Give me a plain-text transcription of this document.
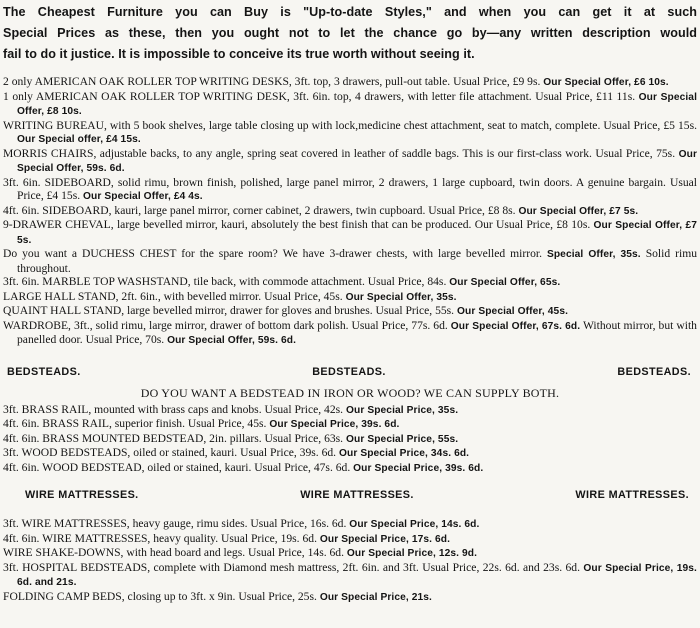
The Cheapest Furniture you can Buy is "Up-to-date Styles," and when you can get it at such
Special Prices as these, then you ought not to let the chance go by—any written description would
fail to do it justice. It is impossible to conceive its true worth without seeing it.

2 only AMERICAN OAK ROLLER TOP WRITING DESKS, 3ft. top, 3 drawers, pull-out table. Usual Price, £9 9s. Our Special Offer, £6 10s.

1 only AMERICAN OAK ROLLER TOP WRITING DESK, 3ft. 6in. top, 4 drawers, with letter file attachment. Usual Price, £11 11s. Our Special Offer, £8 10s.

WRITING BUREAU, with 5 book shelves, large table closing up with lock,medicine chest attachment, seat to match, complete. Usual Price, £5 15s. Our Special offer, £4 15s.

MORRIS CHAIRS, adjustable backs, to any angle, spring seat covered in leather of saddle bags. This is our first-class work. Usual Price, 75s. Our Special Offer, 59s. 6d.

3ft. 6in. SIDEBOARD, solid rimu, brown finish, polished, large panel mirror, 2 drawers, 1 large cupboard, twin doors. A genuine bargain. Usual Price, £4 15s. Our Special Offer, £4 4s.

4ft. 6in. SIDEBOARD, kauri, large panel mirror, corner cabinet, 2 drawers, twin cupboard. Usual Price, £8 8s. Our Special Offer, £7 5s.

9-DRAWER CHEVAL, large bevelled mirror, kauri, absolutely the best finish that can be produced. Our Usual Price, £8 10s. Our Special Offer, £7 5s.

Do you want a DUCHESS CHEST for the spare room? We have 3-drawer chests, with large bevelled mirror. Special Offer, 35s. Solid rimu throughout.

3ft. 6in. MARBLE TOP WASHSTAND, tile back, with commode attachment. Usual Price, 84s. Our Special Offer, 65s.

LARGE HALL STAND, 2ft. 6in., with bevelled mirror. Usual Price, 45s. Our Special Offer, 35s.

QUAINT HALL STAND, large bevelled mirror, drawer for gloves and brushes. Usual Price, 55s. Our Special Offer, 45s.

WARDROBE, 3ft., solid rimu, large mirror, drawer of bottom dark polish. Usual Price, 77s. 6d. Our Special Offer, 67s. 6d. Without mirror, but with panelled door. Usual Price, 70s. Our Special Offer, 59s. 6d.

BEDSTEADS.	BEDSTEADS.	BEDSTEADS.

DO YOU WANT A BEDSTEAD IN IRON OR WOOD? WE CAN SUPPLY BOTH.

3ft. BRASS RAIL, mounted with brass caps and knobs. Usual Price, 42s. Our Special Price, 35s.

4ft. 6in. BRASS RAIL, superior finish. Usual Price, 45s. Our Special Price, 39s. 6d.

4ft. 6in. BRASS MOUNTED BEDSTEAD, 2in. pillars. Usual Price, 63s. Our Special Price, 55s.

3ft. WOOD BEDSTEADS, oiled or stained, kauri. Usual Price, 39s. 6d. Our Special Price, 34s. 6d.

4ft. 6in. WOOD BEDSTEAD, oiled or stained, kauri. Usual Price, 47s. 6d. Our Special Price, 39s. 6d.

WIRE MATTRESSES.	WIRE MATTRESSES.	WIRE MATTRESSES.

3ft. WIRE MATTRESSES, heavy gauge, rimu sides. Usual Price, 16s. 6d. Our Special Price, 14s. 6d.

4ft. 6in. WIRE MATTRESSES, heavy quality. Usual Price, 19s. 6d. Our Special Price, 17s. 6d.

WIRE SHAKE-DOWNS, with head board and legs. Usual Price, 14s. 6d. Our Special Price, 12s. 9d.

3ft. HOSPITAL BEDSTEADS, complete with Diamond mesh mattress, 2ft. 6in. and 3ft. Usual Price, 22s. 6d. and 23s. 6d. Our Special Price, 19s. 6d. and 21s.

FOLDING CAMP BEDS, closing up to 3ft. x 9in. Usual Price, 25s. Our Special Price, 21s.
